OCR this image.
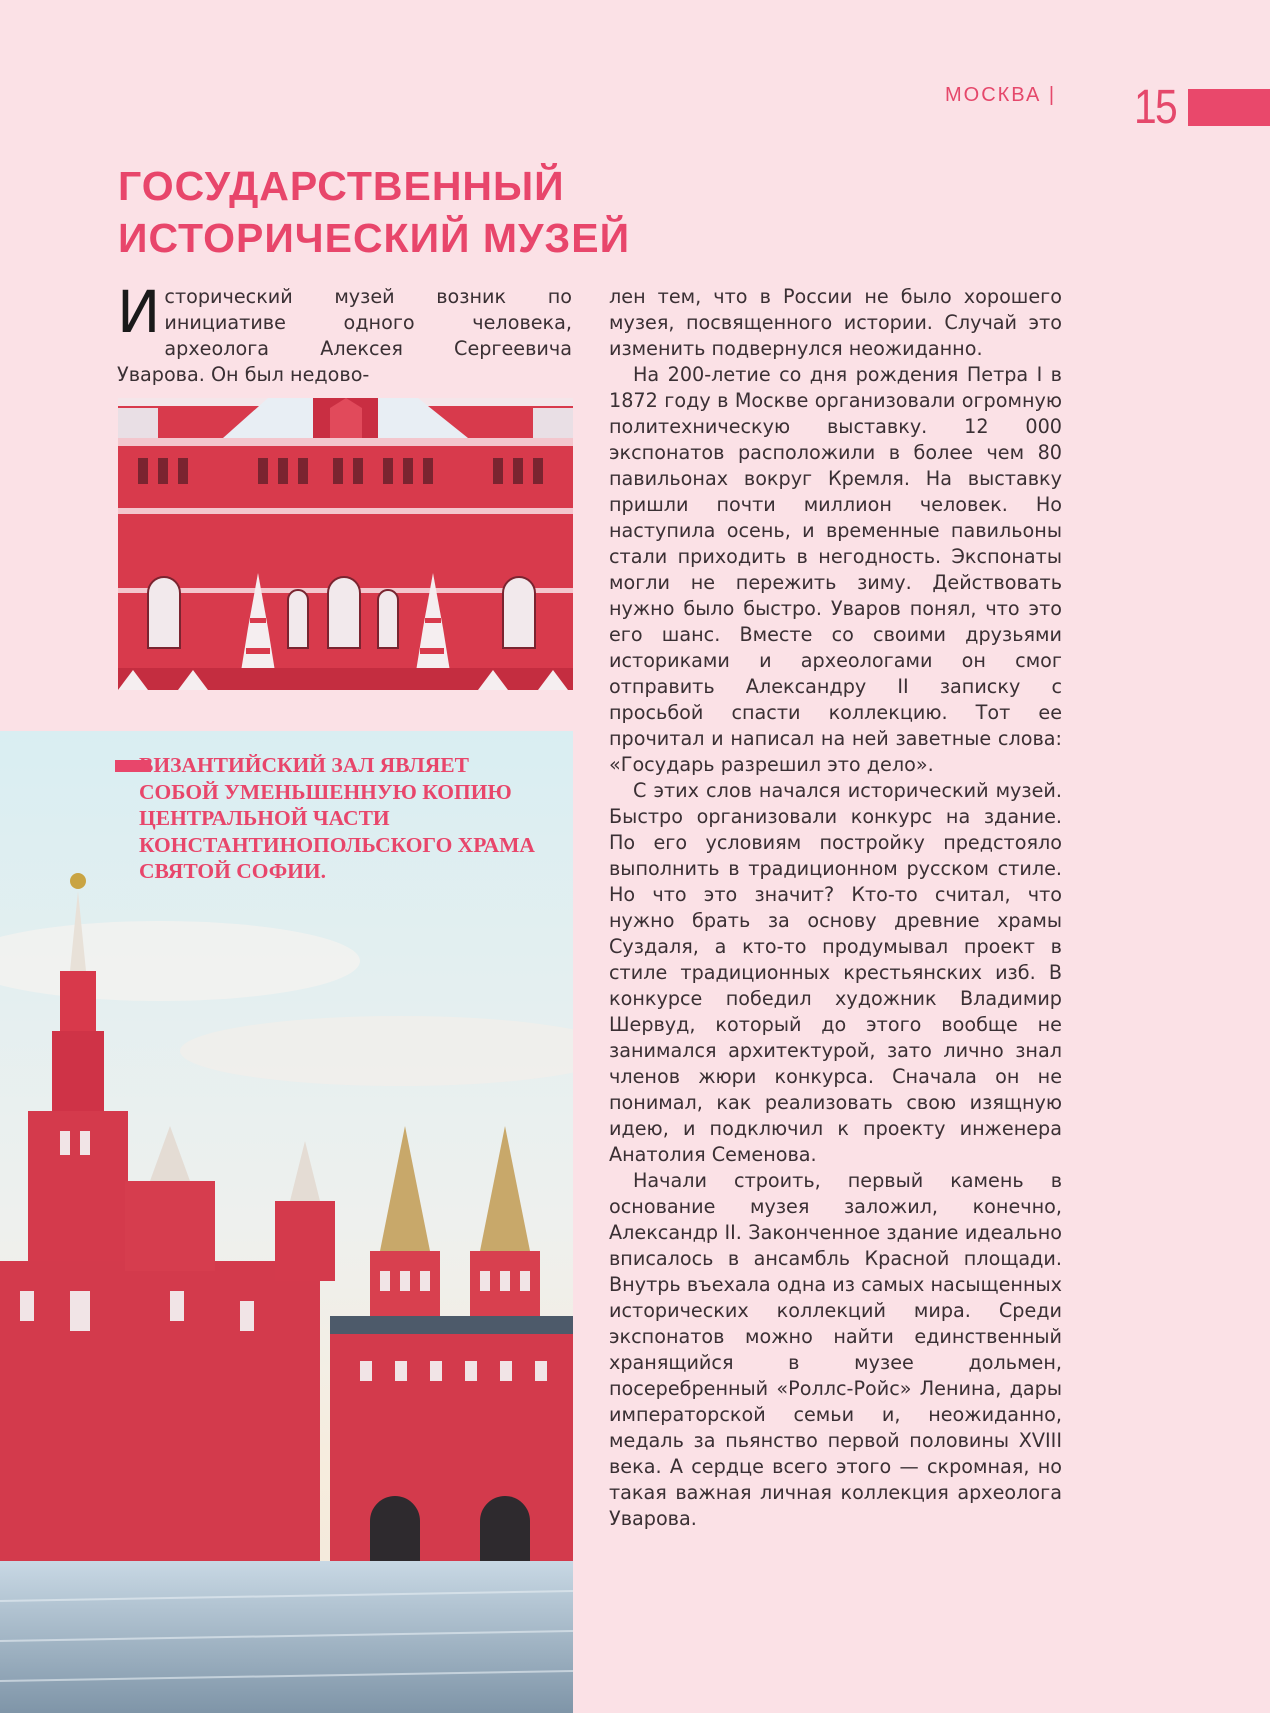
МОСКВА | 15
ГОСУДАРСТВЕННЫЙ
ИСТОРИЧЕСКИЙ МУЗЕЙ

Исторический музей возник по инициативе одного человека, археолога Алексея Сергеевича Уварова. Он был недово-

ВИЗАНТИЙСКИЙ ЗАЛ ЯВЛЯЕТ СОБОЙ УМЕНЬШЕННУЮ КОПИЮ ЦЕНТРАЛЬНОЙ ЧАСТИ КОНСТАНТИНОПОЛЬСКОГО ХРАМА СВЯТОЙ СОФИИ.

лен тем, что в России не было хорошего музея, посвященного истории. Случай это изменить подвернулся неожиданно.

На 200-летие со дня рождения Петра I в 1872 году в Москве организовали огромную политехническую выставку. 12 000 экспонатов расположили в более чем 80 павильонах вокруг Кремля. На выставку пришли почти миллион человек. Но наступила осень, и временные павильоны стали приходить в негодность. Экспонаты могли не пережить зиму. Действовать нужно было быстро. Уваров понял, что это его шанс. Вместе со своими друзьями историками и археологами он смог отправить Александру II записку с просьбой спасти коллекцию. Тот ее прочитал и написал на ней заветные слова: «Государь разрешил это дело».

С этих слов начался исторический музей. Быстро организовали конкурс на здание. По его условиям постройку предстояло выполнить в традиционном русском стиле. Но что это значит? Кто-то считал, что нужно брать за основу древние храмы Суздаля, а кто-то продумывал проект в стиле традиционных крестьянских изб. В конкурсе победил художник Владимир Шервуд, который до этого вообще не занимался архитектурой, зато лично знал членов жюри конкурса. Сначала он не понимал, как реализовать свою изящную идею, и подключил к проекту инженера Анатолия Семенова.

Начали строить, первый камень в основание музея заложил, конечно, Александр II. Законченное здание идеально вписалось в ансамбль Красной площади. Внутрь въехала одна из самых насыщенных исторических коллекций мира. Среди экспонатов можно найти единственный хранящийся в музее дольмен, посеребренный «Роллс-Ройс» Ленина, дары императорской семьи и, неожиданно, медаль за пьянство первой половины XVIII века. А сердце всего этого — скромная, но такая важная личная коллекция археолога Уварова.
